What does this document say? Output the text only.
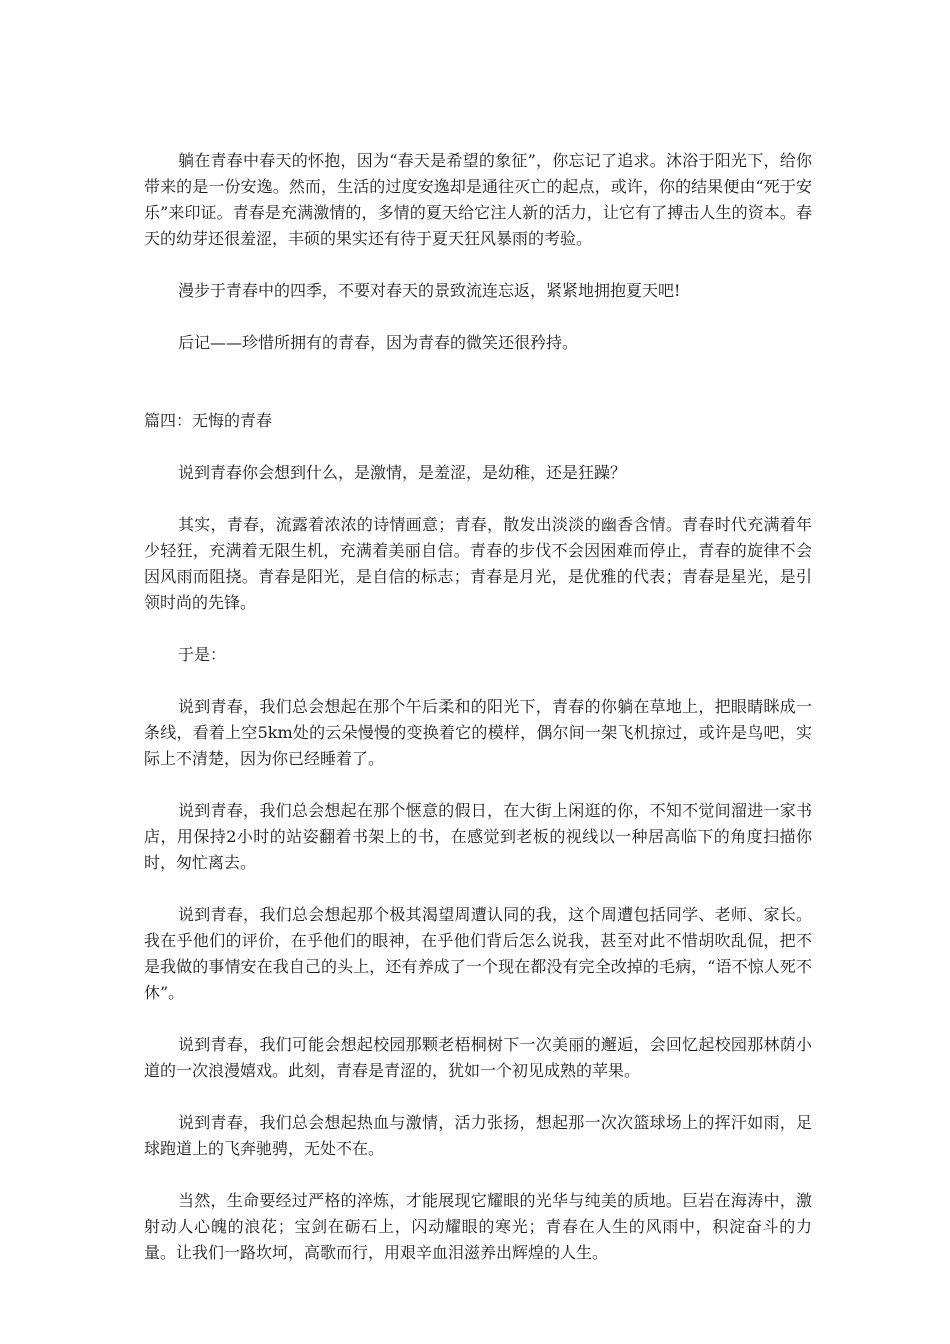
躺在青春中春天的怀抱，因为“春天是希望的象征”，你忘记了追求。沐浴于阳光下，给你带来的是一份安逸。然而，生活的过度安逸却是通往灭亡的起点，或许，你的结果便由“死于安乐”来印证。青春是充满激情的，多情的夏天给它注人新的活力，让它有了搏击人生的资本。春天的幼芽还很羞涩，丰硕的果实还有待于夏天狂风暴雨的考验。

漫步于青春中的四季，不要对春天的景致流连忘返，紧紧地拥抱夏天吧!

后记——珍惜所拥有的青春，因为青春的微笑还很矜持。

篇四：无悔的青春

说到青春你会想到什么，是激情，是羞涩，是幼稚，还是狂躁？

其实，青春，流露着浓浓的诗情画意；青春，散发出淡淡的幽香含情。青春时代充满着年少轻狂，充满着无限生机，充满着美丽自信。青春的步伐不会因困难而停止，青春的旋律不会因风雨而阻挠。青春是阳光，是自信的标志；青春是月光，是优雅的代表；青春是星光，是引领时尚的先锋。

于是：

说到青春，我们总会想起在那个午后柔和的阳光下，青春的你躺在草地上，把眼睛眯成一条线，看着上空5km处的云朵慢慢的变换着它的模样，偶尔间一架飞机掠过，或许是鸟吧，实际上不清楚，因为你已经睡着了。

说到青春，我们总会想起在那个惬意的假日，在大街上闲逛的你，不知不觉间溜进一家书店，用保持2小时的站姿翻着书架上的书，在感觉到老板的视线以一种居高临下的角度扫描你时，匆忙离去。

说到青春，我们总会想起那个极其渴望周遭认同的我，这个周遭包括同学、老师、家长。我在乎他们的评价，在乎他们的眼神，在乎他们背后怎么说我，甚至对此不惜胡吹乱侃，把不是我做的事情安在我自己的头上，还有养成了一个现在都没有完全改掉的毛病，“语不惊人死不休”。

说到青春，我们可能会想起校园那颗老梧桐树下一次美丽的邂逅，会回忆起校园那林荫小道的一次浪漫嬉戏。此刻，青春是青涩的，犹如一个初见成熟的苹果。

说到青春，我们总会想起热血与激情，活力张扬，想起那一次次篮球场上的挥汗如雨，足球跑道上的飞奔驰骋，无处不在。

当然，生命要经过严格的淬炼，才能展现它耀眼的光华与纯美的质地。巨岩在海涛中，激射动人心魄的浪花；宝剑在砺石上，闪动耀眼的寒光；青春在人生的风雨中，积淀奋斗的力量。让我们一路坎坷，高歌而行，用艰辛血泪滋养出辉煌的人生。
